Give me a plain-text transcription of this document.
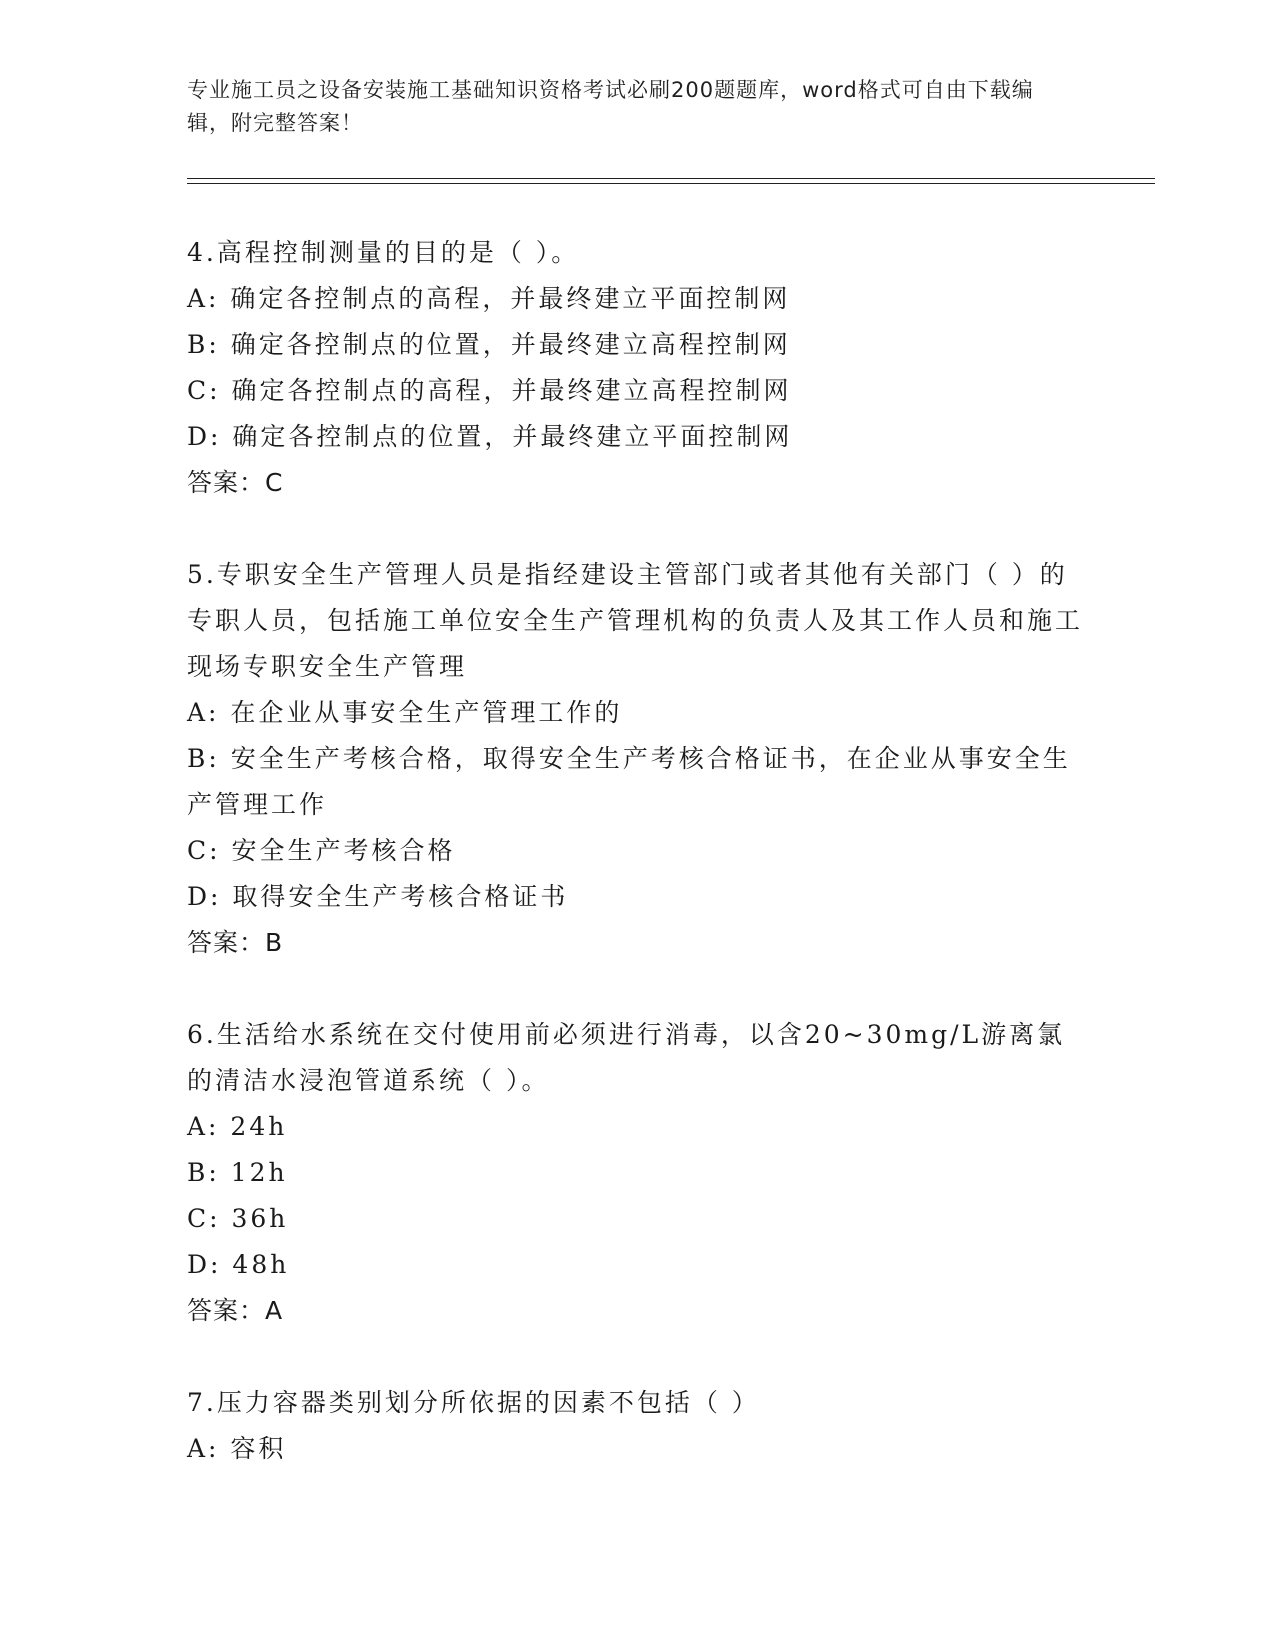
专业施工员之设备安装施工基础知识资格考试必刷200题题库，word格式可自由下载编辑，附完整答案！

4.高程控制测量的目的是（ ）。

A: 确定各控制点的高程，并最终建立平面控制网

B: 确定各控制点的位置，并最终建立高程控制网

C: 确定各控制点的高程，并最终建立高程控制网

D: 确定各控制点的位置，并最终建立平面控制网

答案：C

5.专职安全生产管理人员是指经建设主管部门或者其他有关部门（ ）的专职人员，包括施工单位安全生产管理机构的负责人及其工作人员和施工现场专职安全生产管理

A: 在企业从事安全生产管理工作的

B: 安全生产考核合格，取得安全生产考核合格证书，在企业从事安全生产管理工作

C: 安全生产考核合格

D: 取得安全生产考核合格证书

答案：B

6.生活给水系统在交付使用前必须进行消毒，以含20~30mg/L游离氯的清洁水浸泡管道系统（ ）。

A: 24h

B: 12h

C: 36h

D: 48h

答案：A

7.压力容器类别划分所依据的因素不包括（ ）

A: 容积
